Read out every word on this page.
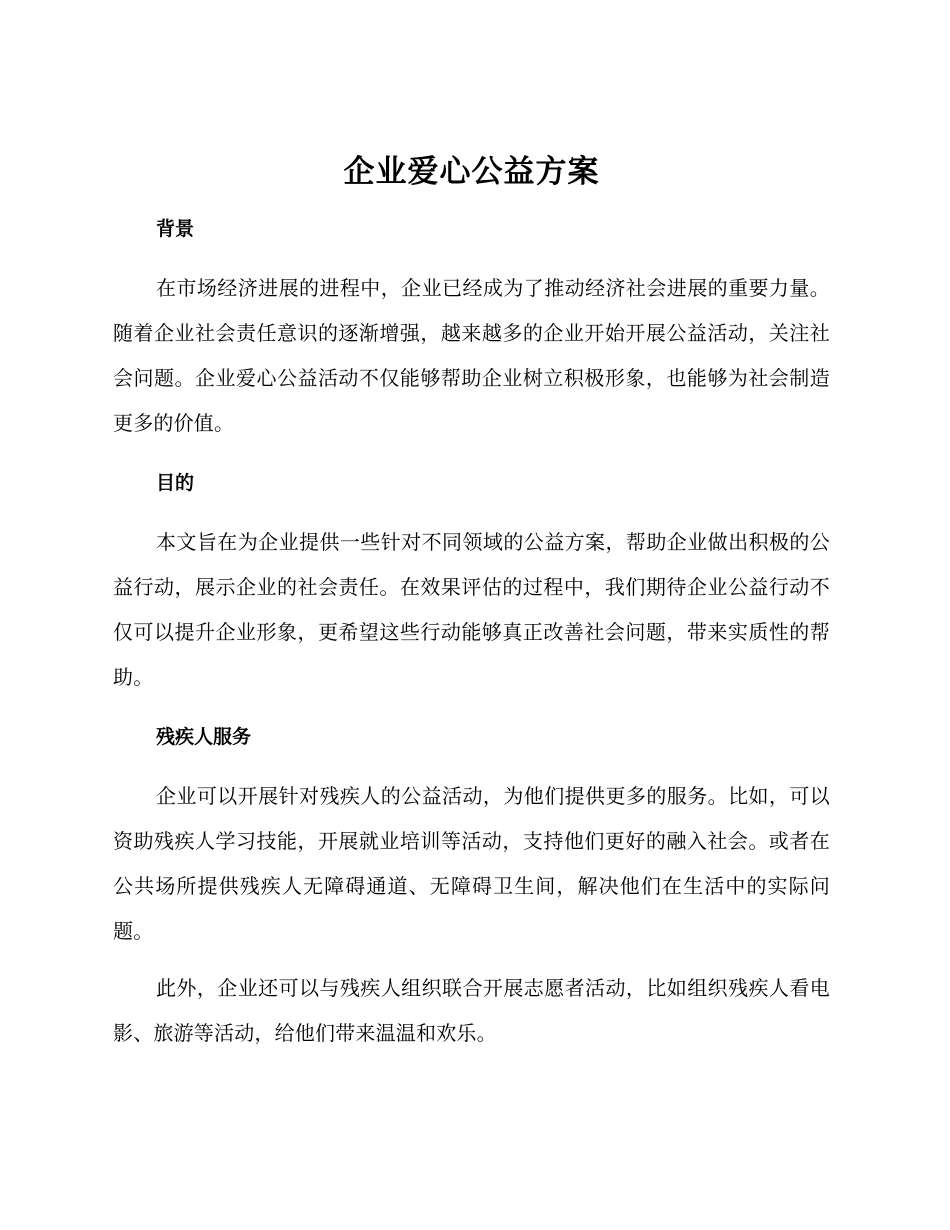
企业爱心公益方案
背景

在市场经济进展的进程中，企业已经成为了推动经济社会进展的重要力量。随着企业社会责任意识的逐渐增强，越来越多的企业开始开展公益活动，关注社会问题。企业爱心公益活动不仅能够帮助企业树立积极形象，也能够为社会制造更多的价值。

目的

本文旨在为企业提供一些针对不同领域的公益方案，帮助企业做出积极的公益行动，展示企业的社会责任。在效果评估的过程中，我们期待企业公益行动不仅可以提升企业形象，更希望这些行动能够真正改善社会问题，带来实质性的帮助。

残疾人服务

企业可以开展针对残疾人的公益活动，为他们提供更多的服务。比如，可以资助残疾人学习技能，开展就业培训等活动，支持他们更好的融入社会。或者在公共场所提供残疾人无障碍通道、无障碍卫生间，解决他们在生活中的实际问题。

此外，企业还可以与残疾人组织联合开展志愿者活动，比如组织残疾人看电影、旅游等活动，给他们带来温温和欢乐。
